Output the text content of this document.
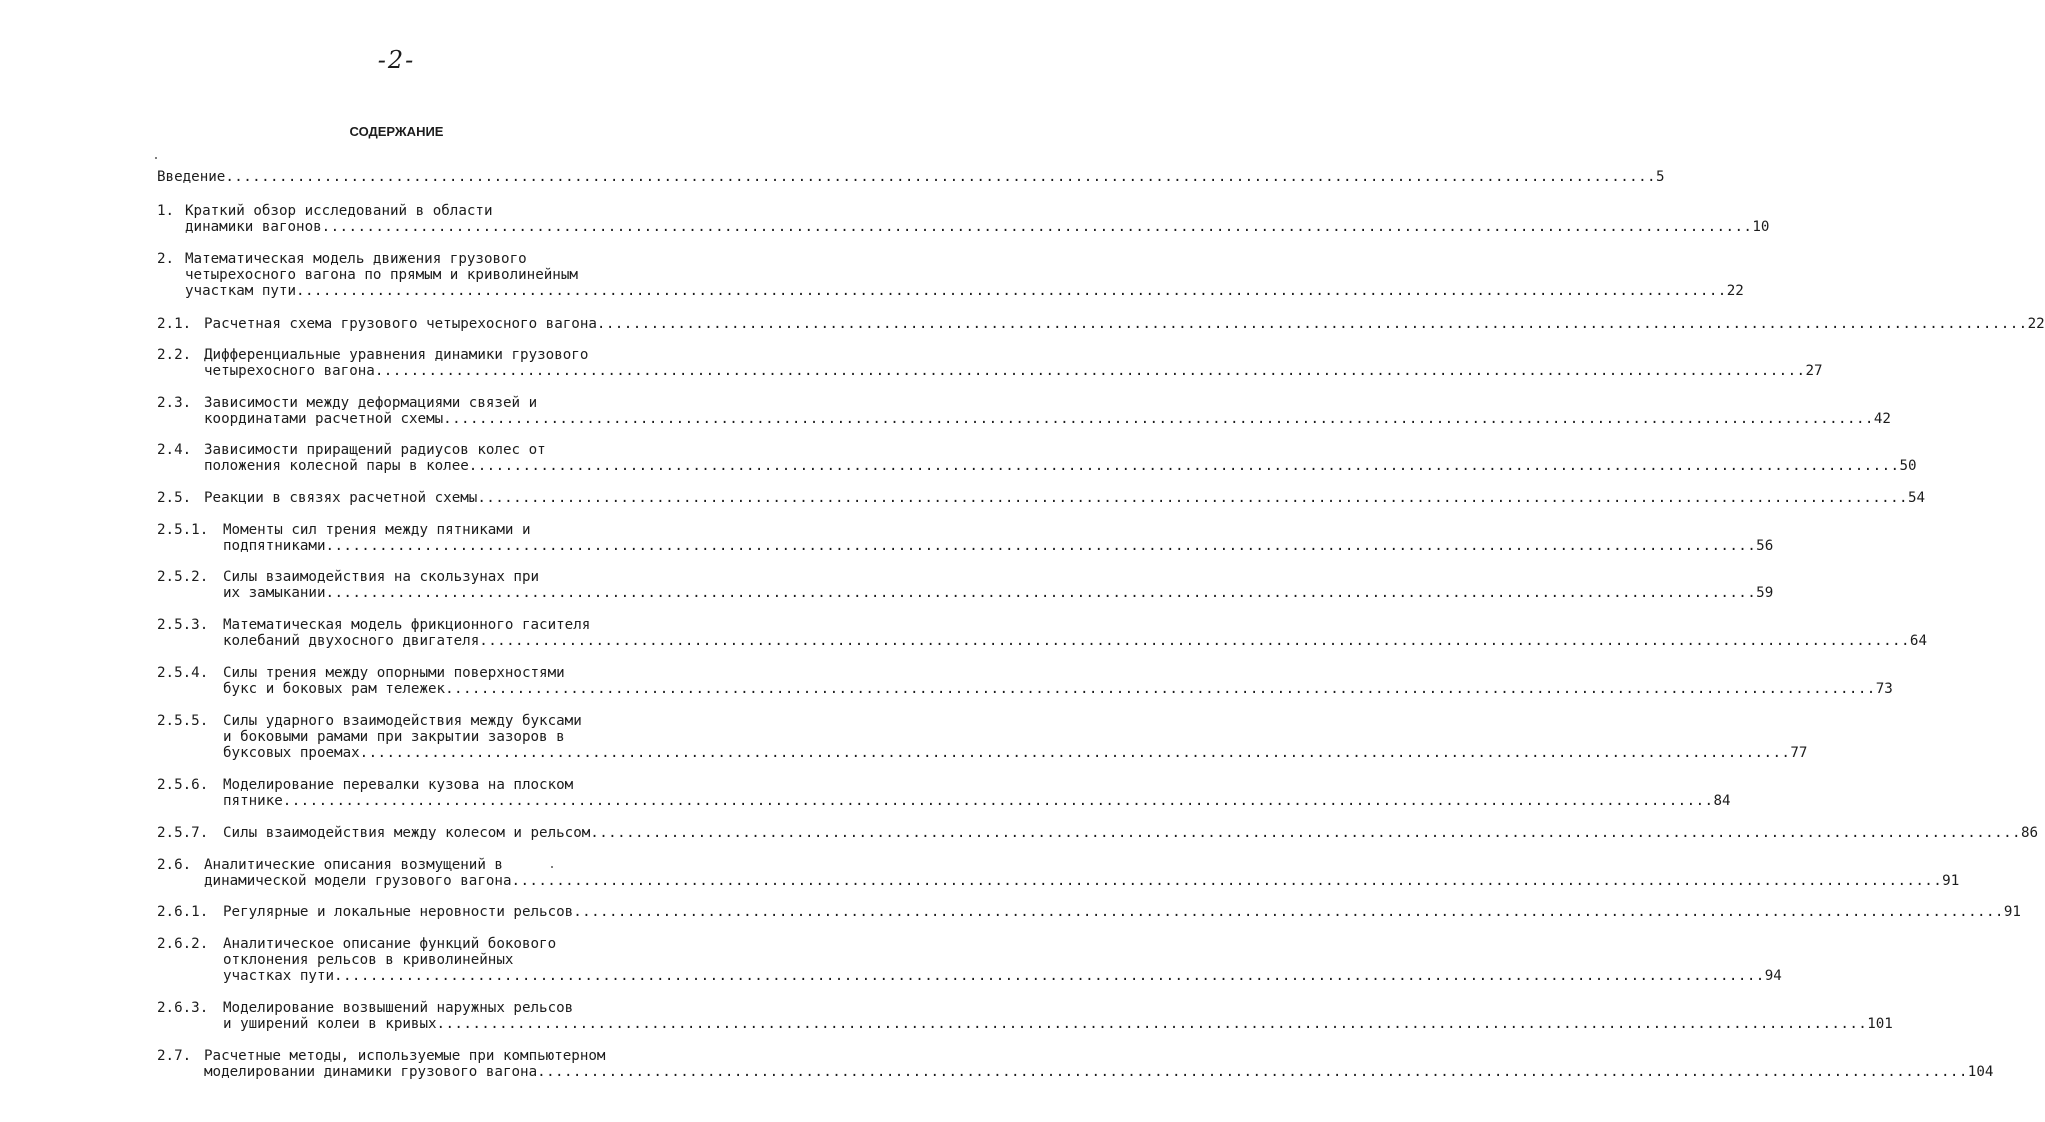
-2-
СОДЕРЖАНИЕ
Введение ................................................................................................................................................................ 5
1. Краткий обзор исследований в области
динамики вагонов ................................................................................................................................................................ 10
2. Математическая модель движения грузового
четырехосного вагона по прямым и криволинейным
участкам пути ................................................................................................................................................................ 22
2.1. Расчетная схема грузового четырехосного вагона ................................................................................................................................................................ 22
2.2. Дифференциальные уравнения динамики грузового
четырехосного вагона ................................................................................................................................................................ 27
2.3. Зависимости между деформациями связей и
координатами расчетной схемы ................................................................................................................................................................ 42
2.4. Зависимости приращений радиусов колес от
положения колесной пары в колее ................................................................................................................................................................ 50
2.5. Реакции в связях расчетной схемы ................................................................................................................................................................ 54
2.5.1. Моменты сил трения между пятниками и
подпятниками ................................................................................................................................................................ 56
2.5.2. Силы взаимодействия на скользунах при
их замыкании ................................................................................................................................................................ 59
2.5.3. Математическая модель фрикционного гасителя
колебаний двухосного двигателя ................................................................................................................................................................ 64
2.5.4. Силы трения между опорными поверхностями
букс и боковых рам тележек ................................................................................................................................................................ 73
2.5.5. Силы ударного взаимодействия между буксами
и боковыми рамами при закрытии зазоров в
буксовых проемах ................................................................................................................................................................ 77
2.5.6. Моделирование перевалки кузова на плоском
пятнике ................................................................................................................................................................ 84
2.5.7. Силы взаимодействия между колесом и рельсом ................................................................................................................................................................ 86
2.6. Аналитические описания возмущений в
динамической модели грузового вагона ................................................................................................................................................................ 91
2.6.1. Регулярные и локальные неровности рельсов ................................................................................................................................................................ 91
2.6.2. Аналитическое описание функций бокового
отклонения рельсов в криволинейных
участках пути ................................................................................................................................................................ 94
2.6.3. Моделирование возвышений наружных рельсов
и уширений колеи в кривых ................................................................................................................................................................ 101
2.7. Расчетные методы, используемые при компьютерном
моделировании динамики грузового вагона ................................................................................................................................................................ 104
